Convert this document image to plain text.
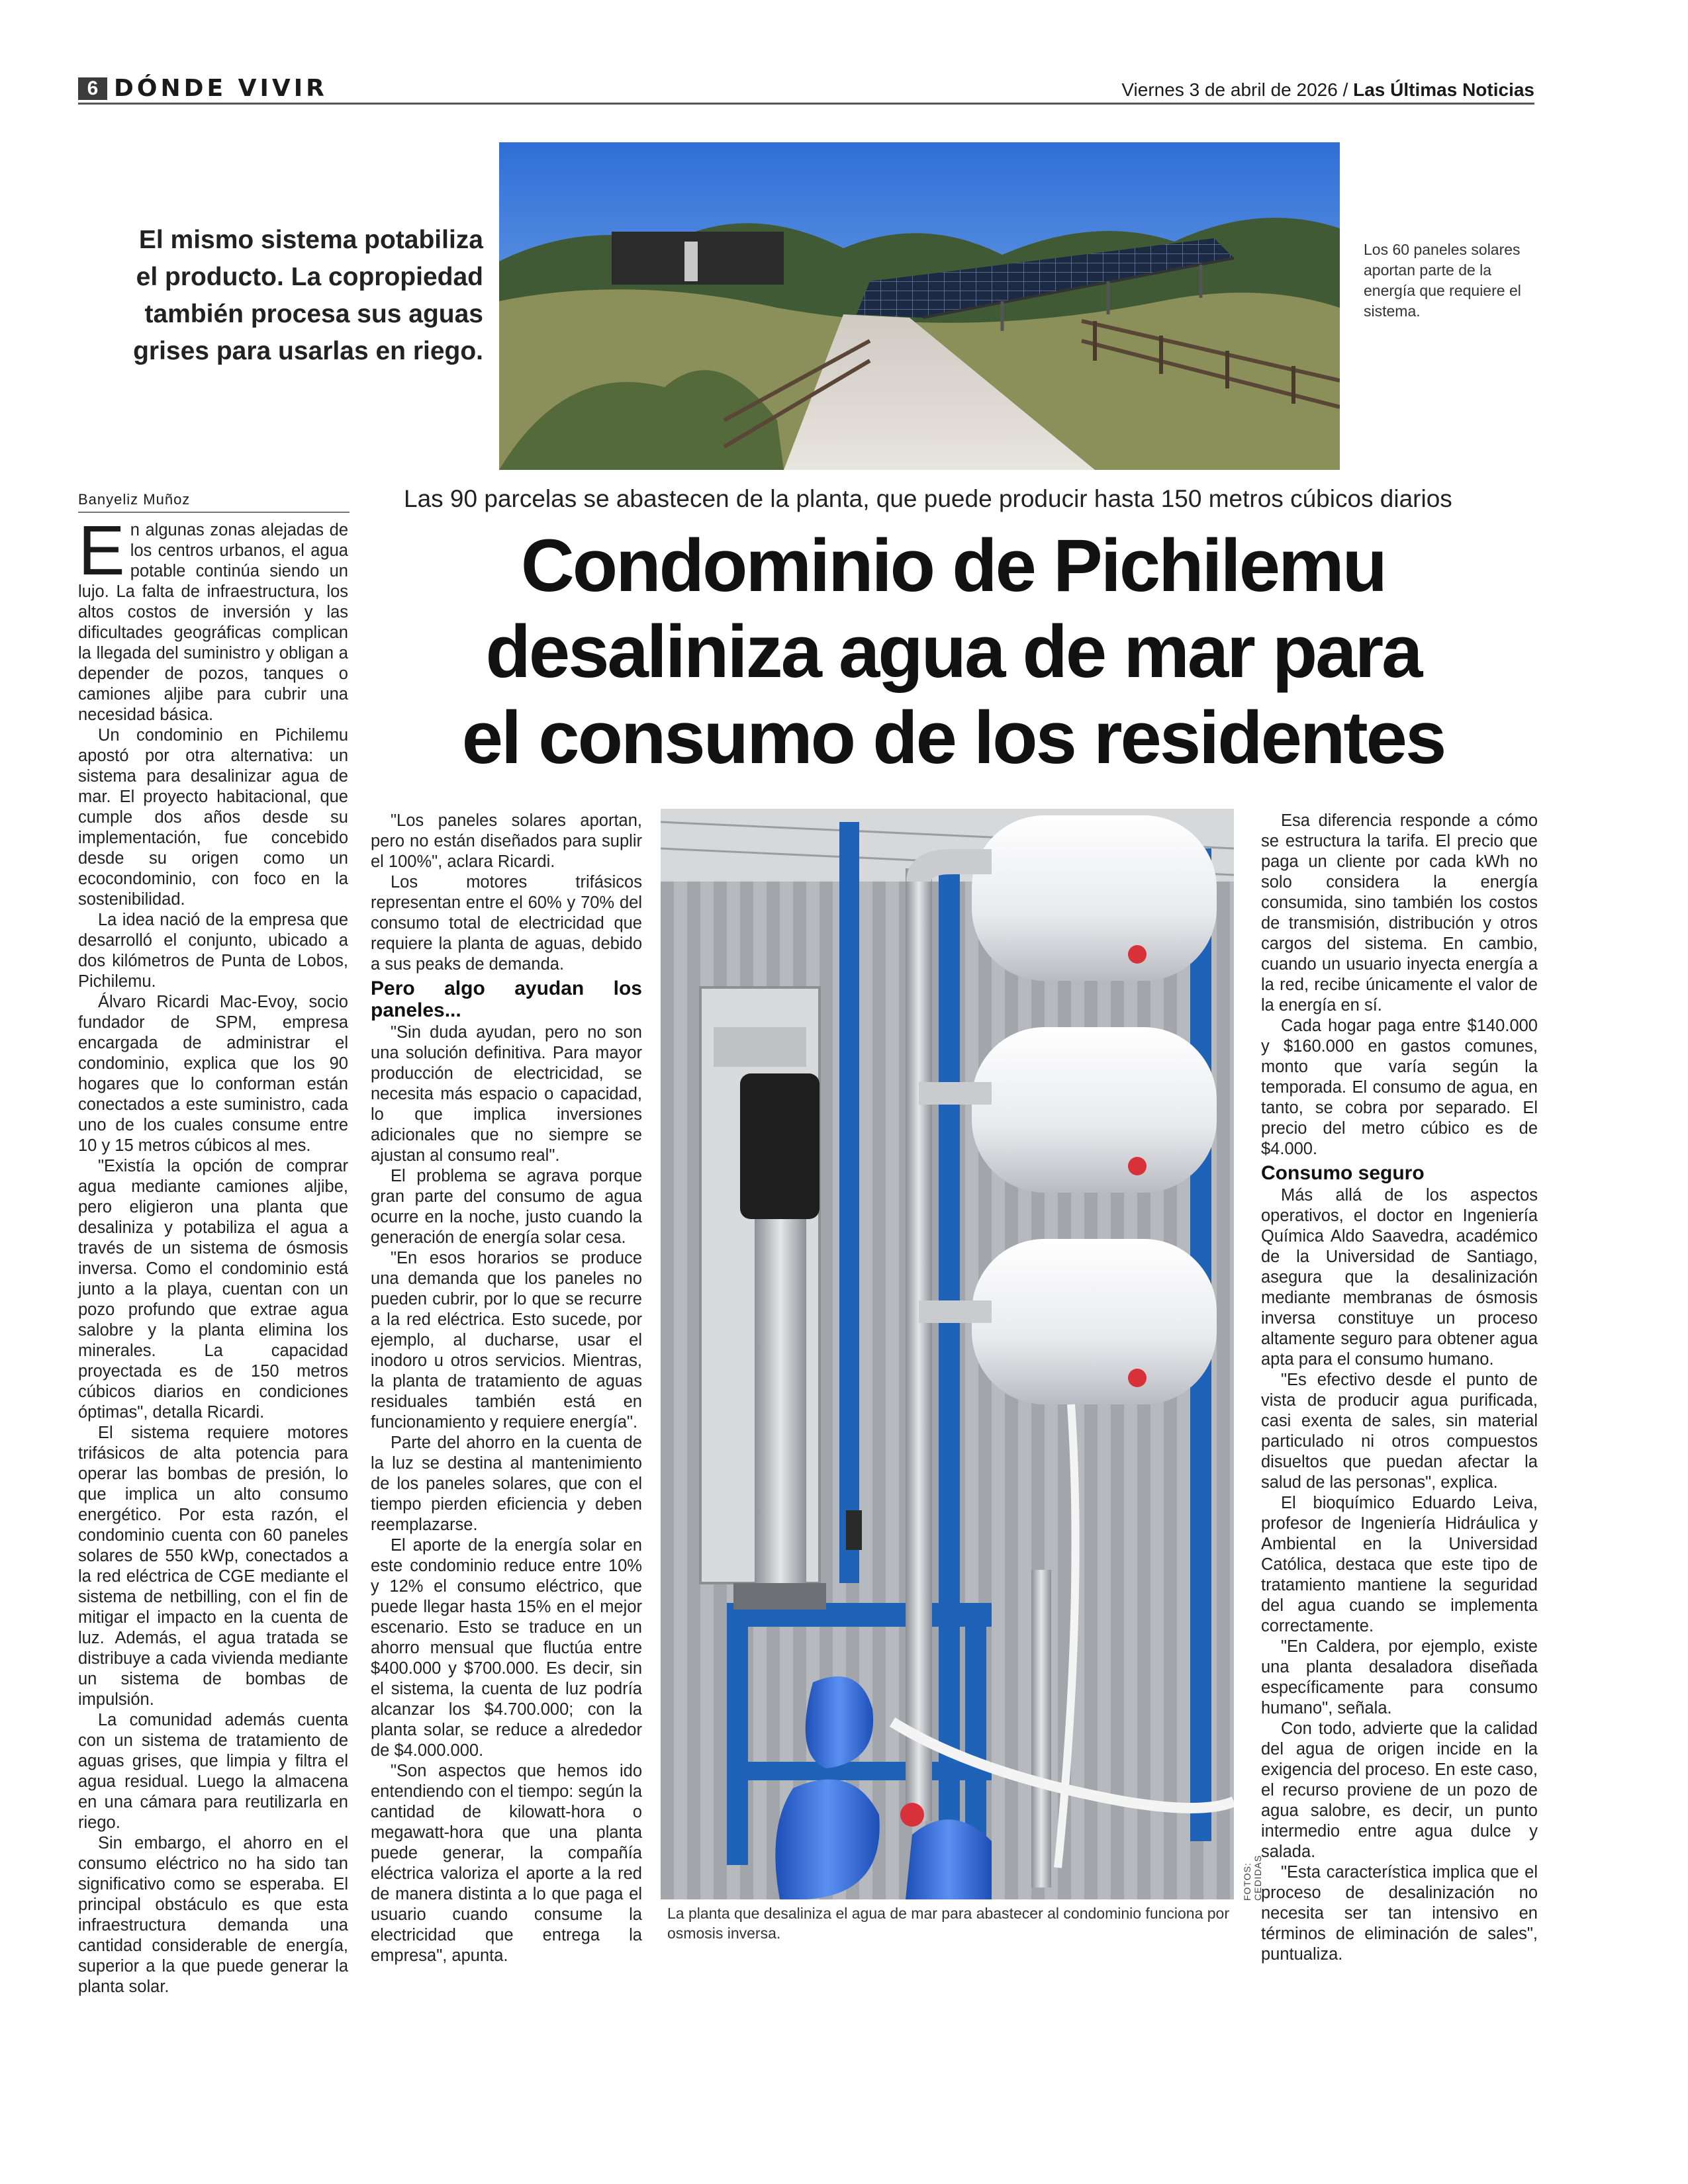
6 DÓNDE VIVIR	Viernes 3 de abril de 2026 / Las Últimas Noticias
El mismo sistema potabiliza el producto. La copropiedad también procesa sus aguas grises para usarlas en riego.
Los 60 paneles solares aportan parte de la energía que requiere el sistema.
Banyeliz Muñoz	Las 90 parcelas se abastecen de la planta, que puede producir hasta 150 metros cúbicos diarios
Condominio de Pichilemu
desaliniza agua de mar para
el consumo de los residentes

En algunas zonas alejadas de los centros urbanos, el agua potable continúa siendo un lujo. La falta de infraestructura, los altos costos de inversión y las dificultades geográficas complican la llegada del suministro y obligan a depender de pozos, tanques o camiones aljibe para cubrir una necesidad básica.

Un condominio en Pichilemu apostó por otra alternativa: un sistema para desalinizar agua de mar. El proyecto habitacional, que cumple dos años desde su implementación, fue concebido desde su origen como un ecocondominio, con foco en la sostenibilidad.

La idea nació de la empresa que desarrolló el conjunto, ubicado a dos kilómetros de Punta de Lobos, Pichilemu.

Álvaro Ricardi Mac-Evoy, socio fundador de SPM, empresa encargada de administrar el condominio, explica que los 90 hogares que lo conforman están conectados a este suministro, cada uno de los cuales consume entre 10 y 15 metros cúbicos al mes.

"Existía la opción de comprar agua mediante camiones aljibe, pero eligieron una planta que desaliniza y potabiliza el agua a través de un sistema de ósmosis inversa. Como el condominio está junto a la playa, cuentan con un pozo profundo que extrae agua salobre y la planta elimina los minerales. La capacidad proyectada es de 150 metros cúbicos diarios en condiciones óptimas", detalla Ricardi.

El sistema requiere motores trifásicos de alta potencia para operar las bombas de presión, lo que implica un alto consumo energético. Por esta razón, el condominio cuenta con 60 paneles solares de 550 kWp, conectados a la red eléctrica de CGE mediante el sistema de netbilling, con el fin de mitigar el impacto en la cuenta de luz. Además, el agua tratada se distribuye a cada vivienda mediante un sistema de bombas de impulsión.

La comunidad además cuenta con un sistema de tratamiento de aguas grises, que limpia y filtra el agua residual. Luego la almacena en una cámara para reutilizarla en riego.

Sin embargo, el ahorro en el consumo eléctrico no ha sido tan significativo como se esperaba. El principal obstáculo es que esta infraestructura demanda una cantidad considerable de energía, superior a la que puede generar la planta solar.

"Los paneles solares aportan, pero no están diseñados para suplir el 100%", aclara Ricardi.

Los motores trifásicos representan entre el 60% y 70% del consumo total de electricidad que requiere la planta de aguas, debido a sus peaks de demanda.

Pero algo ayudan los paneles...

"Sin duda ayudan, pero no son una solución definitiva. Para mayor producción de electricidad, se necesita más espacio o capacidad, lo que implica inversiones adicionales que no siempre se ajustan al consumo real".

El problema se agrava porque gran parte del consumo de agua ocurre en la noche, justo cuando la generación de energía solar cesa.

"En esos horarios se produce una demanda que los paneles no pueden cubrir, por lo que se recurre a la red eléctrica. Esto sucede, por ejemplo, al ducharse, usar el inodoro u otros servicios. Mientras, la planta de tratamiento de aguas residuales también está en funcionamiento y requiere energía".

Parte del ahorro en la cuenta de la luz se destina al mantenimiento de los paneles solares, que con el tiempo pierden eficiencia y deben reemplazarse.

El aporte de la energía solar en este condominio reduce entre 10% y 12% el consumo eléctrico, que puede llegar hasta 15% en el mejor escenario. Esto se traduce en un ahorro mensual que fluctúa entre $400.000 y $700.000. Es decir, sin el sistema, la cuenta de luz podría alcanzar los $4.700.000; con la planta solar, se reduce a alrededor de $4.000.000.

"Son aspectos que hemos ido entendiendo con el tiempo: según la cantidad de kilowatt-hora o megawatt-hora que una planta puede generar, la compañía eléctrica valoriza el aporte a la red de manera distinta a lo que paga el usuario cuando consume la electricidad que entrega la empresa", apunta.

La planta que desaliniza el agua de mar para abastecer al condominio funciona por osmosis inversa.
FOTOS: CEDIDAS

Esa diferencia responde a cómo se estructura la tarifa. El precio que paga un cliente por cada kWh no solo considera la energía consumida, sino también los costos de transmisión, distribución y otros cargos del sistema. En cambio, cuando un usuario inyecta energía a la red, recibe únicamente el valor de la energía en sí.

Cada hogar paga entre $140.000 y $160.000 en gastos comunes, monto que varía según la temporada. El consumo de agua, en tanto, se cobra por separado. El precio del metro cúbico es de $4.000.

Consumo seguro

Más allá de los aspectos operativos, el doctor en Ingeniería Química Aldo Saavedra, académico de la Universidad de Santiago, asegura que la desalinización mediante membranas de ósmosis inversa constituye un proceso altamente seguro para obtener agua apta para el consumo humano.

"Es efectivo desde el punto de vista de producir agua purificada, casi exenta de sales, sin material particulado ni otros compuestos disueltos que puedan afectar la salud de las personas", explica.

El bioquímico Eduardo Leiva, profesor de Ingeniería Hidráulica y Ambiental en la Universidad Católica, destaca que este tipo de tratamiento mantiene la seguridad del agua cuando se implementa correctamente.

"En Caldera, por ejemplo, existe una planta desaladora diseñada específicamente para consumo humano", señala.

Con todo, advierte que la calidad del agua de origen incide en la exigencia del proceso. En este caso, el recurso proviene de un pozo de agua salobre, es decir, un punto intermedio entre agua dulce y salada.

"Esta característica implica que el proceso de desalinización no necesita ser tan intensivo en términos de eliminación de sales", puntualiza.
